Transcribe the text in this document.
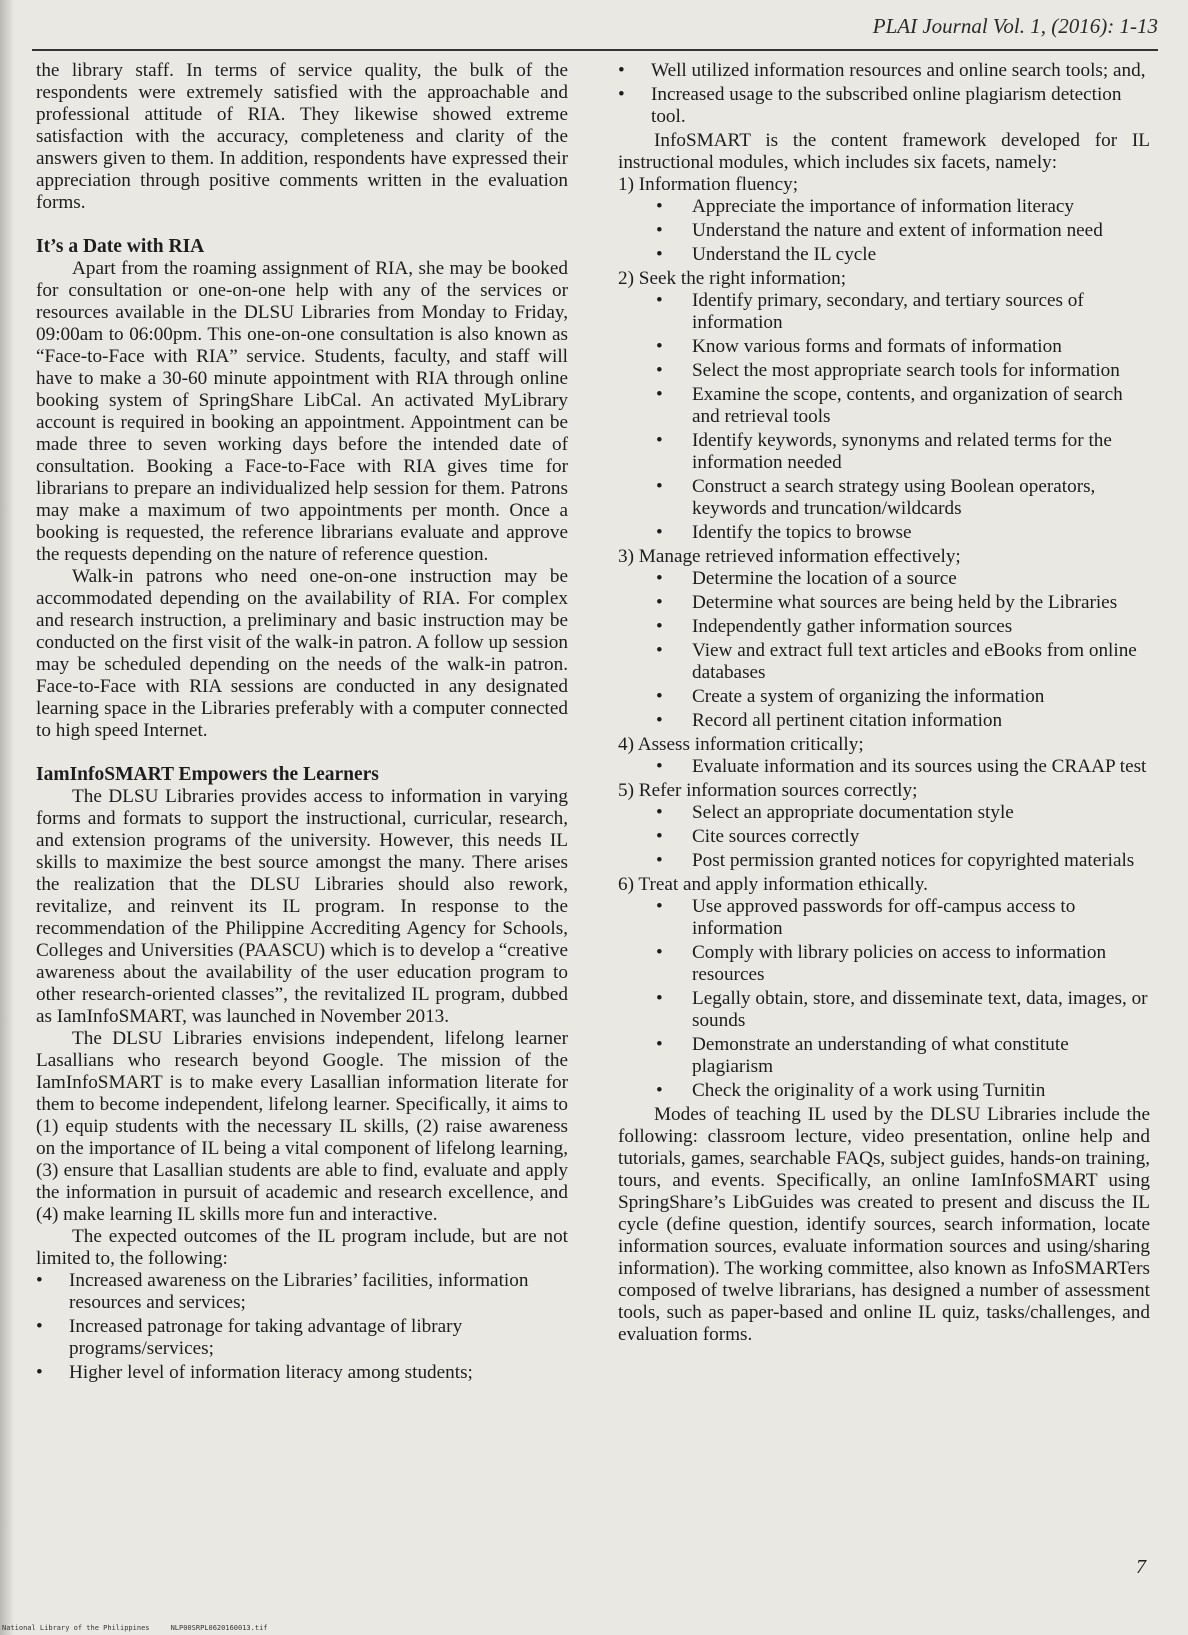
PLAI Journal Vol. 1, (2016): 1-13

the library staff. In terms of service quality, the bulk of the respondents were extremely satisfied with the approachable and professional attitude of RIA. They likewise showed extreme satisfaction with the accuracy, completeness and clarity of the answers given to them. In addition, respondents have expressed their appreciation through positive comments written in the evaluation forms.

It’s a Date with RIA

Apart from the roaming assignment of RIA, she may be booked for consultation or one-on-one help with any of the services or resources available in the DLSU Libraries from Monday to Friday, 09:00am to 06:00pm. This one-on-one consultation is also known as “Face-to-Face with RIA” service. Students, faculty, and staff will have to make a 30-60 minute appointment with RIA through online booking system of SpringShare LibCal. An activated MyLibrary account is required in booking an appointment. Appointment can be made three to seven working days before the intended date of consultation. Booking a Face-to-Face with RIA gives time for librarians to prepare an individualized help session for them. Patrons may make a maximum of two appointments per month. Once a booking is requested, the reference librarians evaluate and approve the requests depending on the nature of reference question.

Walk-in patrons who need one-on-one instruction may be accommodated depending on the availability of RIA. For complex and research instruction, a preliminary and basic instruction may be conducted on the first visit of the walk-in patron. A follow up session may be scheduled depending on the needs of the walk-in patron. Face-to-Face with RIA sessions are conducted in any designated learning space in the Libraries preferably with a computer connected to high speed Internet.

IamInfoSMART Empowers the Learners

The DLSU Libraries provides access to information in varying forms and formats to support the instructional, curricular, research, and extension programs of the university. However, this needs IL skills to maximize the best source amongst the many. There arises the realization that the DLSU Libraries should also rework, revitalize, and reinvent its IL program. In response to the recommendation of the Philippine Accrediting Agency for Schools, Colleges and Universities (PAASCU) which is to develop a “creative awareness about the availability of the user education program to other research-oriented classes”, the revitalized IL program, dubbed as IamInfoSMART, was launched in November 2013.

The DLSU Libraries envisions independent, lifelong learner Lasallians who research beyond Google. The mission of the IamInfoSMART is to make every Lasallian information literate for them to become independent, lifelong learner. Specifically, it aims to (1) equip students with the necessary IL skills, (2) raise awareness on the importance of IL being a vital component of lifelong learning, (3) ensure that Lasallian students are able to find, evaluate and apply the information in pursuit of academic and research excellence, and (4) make learning IL skills more fun and interactive.

The expected outcomes of the IL program include, but are not limited to, the following:

• Increased awareness on the Libraries’ facilities, information resources and services;
• Increased patronage for taking advantage of library programs/services;
• Higher level of information literacy among students;
• Well utilized information resources and online search tools; and,
• Increased usage to the subscribed online plagiarism detection tool.

InfoSMART is the content framework developed for IL instructional modules, which includes six facets, namely:

1) Information fluency;

• Appreciate the importance of information literacy
• Understand the nature and extent of information need
• Understand the IL cycle

2) Seek the right information;

• Identify primary, secondary, and tertiary sources of information
• Know various forms and formats of information
• Select the most appropriate search tools for information
• Examine the scope, contents, and organization of search and retrieval tools
• Identify keywords, synonyms and related terms for the information needed
• Construct a search strategy using Boolean operators, keywords and truncation/wildcards
• Identify the topics to browse

3) Manage retrieved information effectively;

• Determine the location of a source
• Determine what sources are being held by the Libraries
• Independently gather information sources
• View and extract full text articles and eBooks from online databases
• Create a system of organizing the information
• Record all pertinent citation information

4) Assess information critically;

• Evaluate information and its sources using the CRAAP test

5) Refer information sources correctly;

• Select an appropriate documentation style
• Cite sources correctly
• Post permission granted notices for copyrighted materials

6) Treat and apply information ethically.

• Use approved passwords for off-campus access to information
• Comply with library policies on access to information resources
• Legally obtain, store, and disseminate text, data, images, or sounds
• Demonstrate an understanding of what constitute plagiarism
• Check the originality of a work using Turnitin

Modes of teaching IL used by the DLSU Libraries include the following: classroom lecture, video presentation, online help and tutorials, games, searchable FAQs, subject guides, hands-on training, tours, and events. Specifically, an online IamInfoSMART using SpringShare’s LibGuides was created to present and discuss the IL cycle (define question, identify sources, search information, locate information sources, evaluate information sources and using/sharing information). The working committee, also known as InfoSMARTers composed of twelve librarians, has designed a number of assessment tools, such as paper-based and online IL quiz, tasks/challenges, and evaluation forms.

7
National Library of the Philippines     NLP00SRPL0620160013.tif
